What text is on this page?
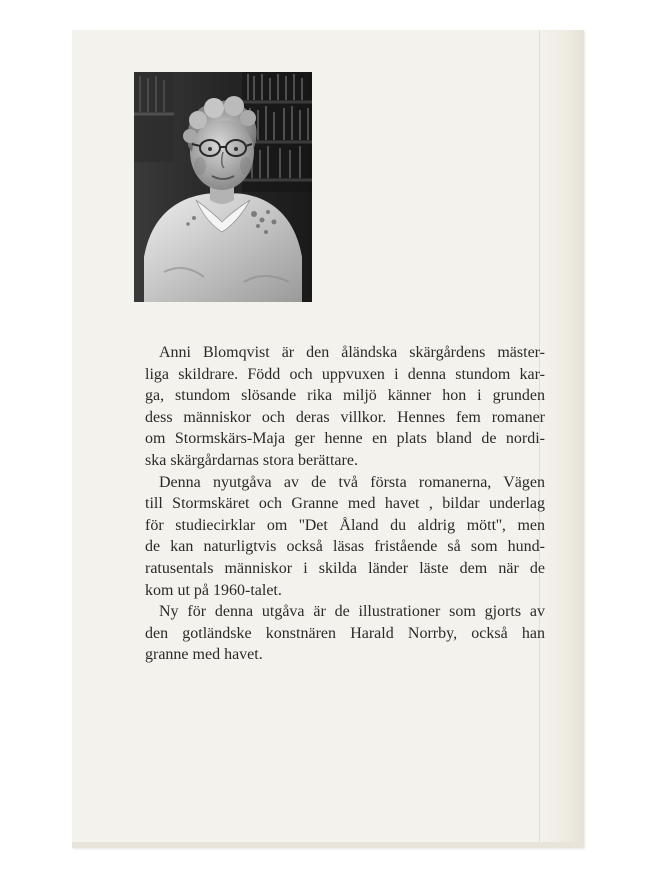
Anni Blomqvist är den åländska skärgårdens mäster-
liga skildrare. Född och uppvuxen i denna stundom kar-
ga, stundom slösande rika miljö känner hon i grunden
dess människor och deras villkor. Hennes fem romaner
om Stormskärs-Maja ger henne en plats bland de nordi-
ska skärgårdarnas stora berättare.

Denna nyutgåva av de två första romanerna, Vägen
till Stormskäret och Granne med havet , bildar underlag
för studiecirklar om ''Det Åland du aldrig mött'', men
de kan naturligtvis också läsas fristående så som hund-
ratusentals människor i skilda länder läste dem när de
kom ut på 1960-talet.

Ny för denna utgåva är de illustrationer som gjorts av
den gotländske konstnären Harald Norrby, också han
granne med havet.
